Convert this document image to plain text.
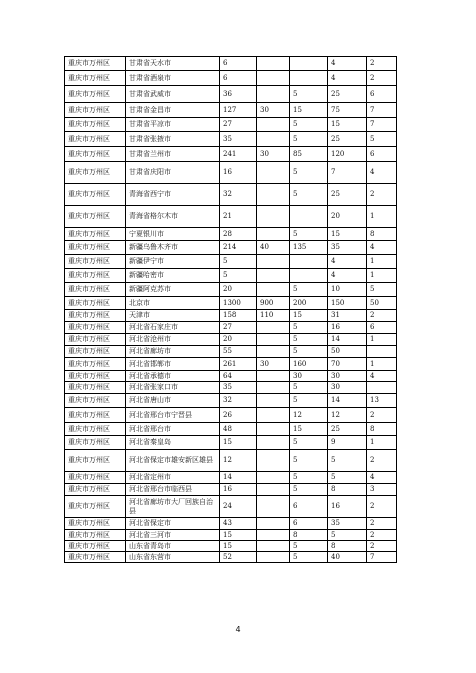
重庆市万州区	甘肃省天水市	6			4	2
重庆市万州区	甘肃省酒泉市	6			4	2
重庆市万州区	甘肃省武威市	36		5	25	6
重庆市万州区	甘肃省金昌市	127	30	15	75	7
重庆市万州区	甘肃省平凉市	27		5	15	7
重庆市万州区	甘肃省张掖市	35		5	25	5
重庆市万州区	甘肃省兰州市	241	30	85	120	6
重庆市万州区	甘肃省庆阳市	16		5	7	4
重庆市万州区	青海省西宁市	32		5	25	2
重庆市万州区	青海省格尔木市	21			20	1
重庆市万州区	宁夏银川市	28		5	15	8
重庆市万州区	新疆乌鲁木齐市	214	40	135	35	4
重庆市万州区	新疆伊宁市	5			4	1
重庆市万州区	新疆哈密市	5			4	1
重庆市万州区	新疆阿克苏市	20		5	10	5
重庆市万州区	北京市	1300	900	200	150	50
重庆市万州区	天津市	158	110	15	31	2
重庆市万州区	河北省石家庄市	27		5	16	6
重庆市万州区	河北省沧州市	20		5	14	1
重庆市万州区	河北省廊坊市	55		5	50	
重庆市万州区	河北省邯郸市	261	30	160	70	1
重庆市万州区	河北省承德市	64		30	30	4
重庆市万州区	河北省张家口市	35		5	30	
重庆市万州区	河北省唐山市	32		5	14	13
重庆市万州区	河北省邢台市宁晋县	26		12	12	2
重庆市万州区	河北省邢台市	48		15	25	8
重庆市万州区	河北省秦皇岛	15		5	9	1
重庆市万州区	河北省保定市雄安新区雄县	12		5	5	2
重庆市万州区	河北省定州市	14		5	5	4
重庆市万州区	河北省邢台市临西县	16		5	8	3
重庆市万州区	河北省廊坊市大厂回族自治县	24		6	16	2
重庆市万州区	河北省保定市	43		6	35	2
重庆市万州区	河北省三河市	15		8	5	2
重庆市万州区	山东省青岛市	15		5	8	2
重庆市万州区	山东省东营市	52		5	40	7
4
